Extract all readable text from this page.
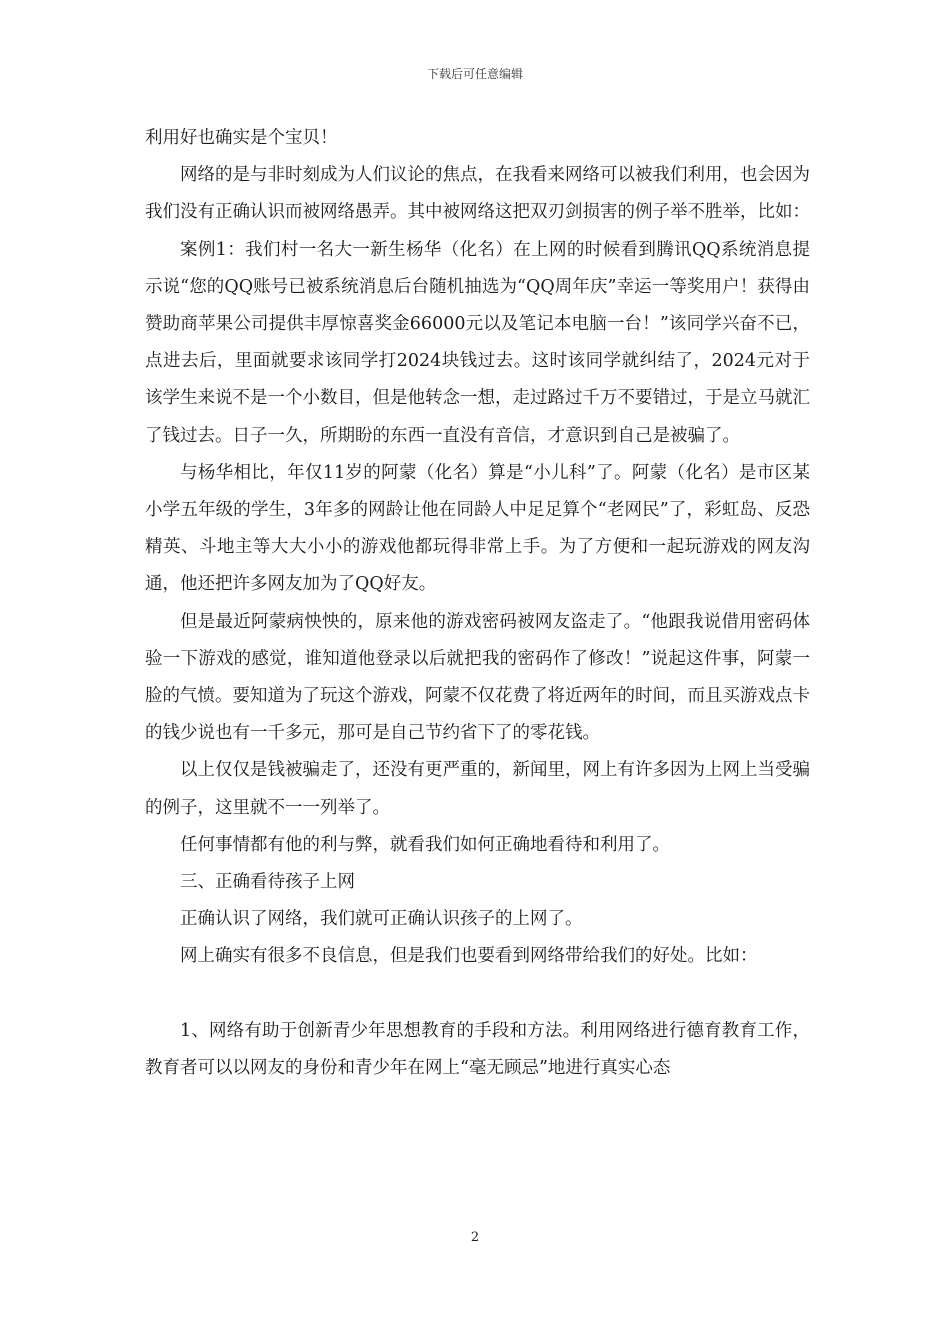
下载后可任意编辑

利用好也确实是个宝贝！

网络的是与非时刻成为人们议论的焦点，在我看来网络可以被我们利用，也会因为我们没有正确认识而被网络愚弄。其中被网络这把双刃剑损害的例子举不胜举，比如：

案例1：我们村一名大一新生杨华（化名）在上网的时候看到腾讯QQ系统消息提示说“您的QQ账号已被系统消息后台随机抽选为“QQ周年庆”幸运一等奖用户！获得由赞助商苹果公司提供丰厚惊喜奖金66000元以及笔记本电脑一台！”该同学兴奋不已，点进去后，里面就要求该同学打2024块钱过去。这时该同学就纠结了，2024元对于该学生来说不是一个小数目，但是他转念一想，走过路过千万不要错过，于是立马就汇了钱过去。日子一久，所期盼的东西一直没有音信，才意识到自己是被骗了。

与杨华相比，年仅11岁的阿蒙（化名）算是“小儿科”了。阿蒙（化名）是市区某小学五年级的学生，3年多的网龄让他在同龄人中足足算个“老网民”了，彩虹岛、反恐精英、斗地主等大大小小的游戏他都玩得非常上手。为了方便和一起玩游戏的网友沟通，他还把许多网友加为了QQ好友。

但是最近阿蒙病怏怏的，原来他的游戏密码被网友盗走了。“他跟我说借用密码体验一下游戏的感觉，谁知道他登录以后就把我的密码作了修改！”说起这件事，阿蒙一脸的气愤。要知道为了玩这个游戏，阿蒙不仅花费了将近两年的时间，而且买游戏点卡的钱少说也有一千多元，那可是自己节约省下了的零花钱。

以上仅仅是钱被骗走了，还没有更严重的，新闻里，网上有许多因为上网上当受骗的例子，这里就不一一列举了。

任何事情都有他的利与弊，就看我们如何正确地看待和利用了。

三、正确看待孩子上网

正确认识了网络，我们就可正确认识孩子的上网了。

网上确实有很多不良信息，但是我们也要看到网络带给我们的好处。比如：

1、网络有助于创新青少年思想教育的手段和方法。利用网络进行德育教育工作，教育者可以以网友的身份和青少年在网上“毫无顾忌”地进行真实心态

2
